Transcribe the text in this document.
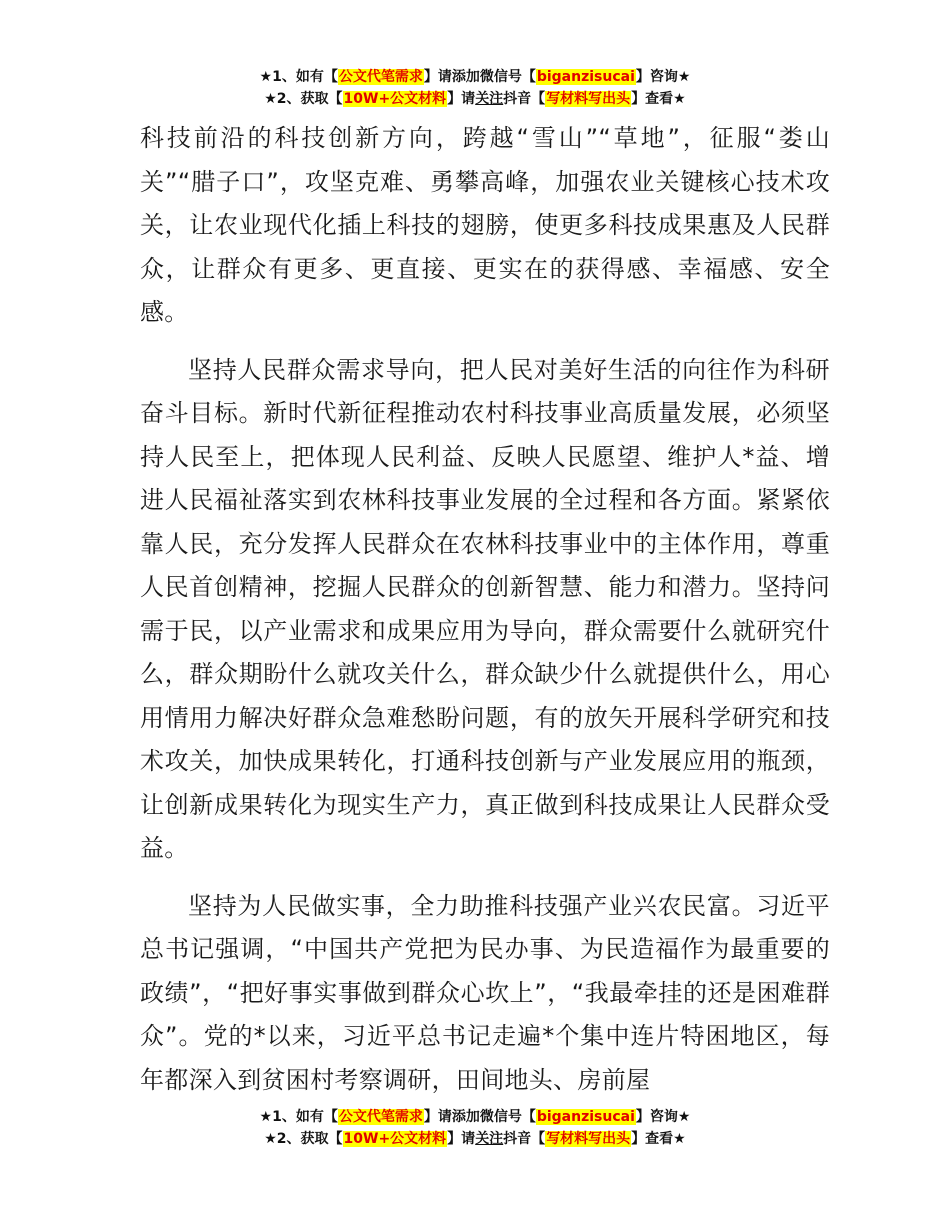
★1、如有【公文代笔需求】请添加微信号【biganzisucai】咨询★
★2、获取【10W+公文材料】请关注抖音【写材料写出头】查看★

科技前沿的科技创新方向，跨越“雪山”“草地”，征服“娄山关”“腊子口”，攻坚克难、勇攀高峰，加强农业关键核心技术攻关，让农业现代化插上科技的翅膀，使更多科技成果惠及人民群众，让群众有更多、更直接、更实在的获得感、幸福感、安全感。

坚持人民群众需求导向，把人民对美好生活的向往作为科研奋斗目标。新时代新征程推动农村科技事业高质量发展，必须坚持人民至上，把体现人民利益、反映人民愿望、维护人*益、增进人民福祉落实到农林科技事业发展的全过程和各方面。紧紧依靠人民，充分发挥人民群众在农林科技事业中的主体作用，尊重人民首创精神，挖掘人民群众的创新智慧、能力和潜力。坚持问需于民，以产业需求和成果应用为导向，群众需要什么就研究什么，群众期盼什么就攻关什么，群众缺少什么就提供什么，用心用情用力解决好群众急难愁盼问题，有的放矢开展科学研究和技术攻关，加快成果转化，打通科技创新与产业发展应用的瓶颈，让创新成果转化为现实生产力，真正做到科技成果让人民群众受益。

坚持为人民做实事，全力助推科技强产业兴农民富。习近平总书记强调，“中国共产党把为民办事、为民造福作为最重要的政绩”，“把好事实事做到群众心坎上”，“我最牵挂的还是困难群众”。党的*以来，习近平总书记走遍*个集中连片特困地区，每年都深入到贫困村考察调研，田间地头、房前屋

★1、如有【公文代笔需求】请添加微信号【biganzisucai】咨询★
★2、获取【10W+公文材料】请关注抖音【写材料写出头】查看★
